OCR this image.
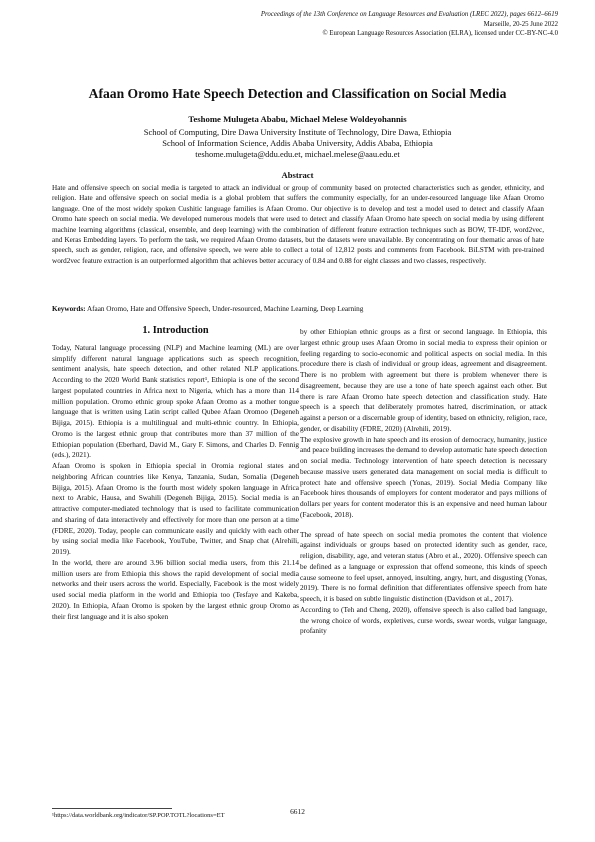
Proceedings of the 13th Conference on Language Resources and Evaluation (LREC 2022), pages 6612–6619
Marseille, 20-25 June 2022
© European Language Resources Association (ELRA), licensed under CC-BY-NC-4.0
Afaan Oromo Hate Speech Detection and Classification on Social Media
Teshome Mulugeta Ababu, Michael Melese Woldeyohannis
School of Computing, Dire Dawa University Institute of Technology, Dire Dawa, Ethiopia
School of Information Science, Addis Ababa University, Addis Ababa, Ethiopia
teshome.mulugeta@ddu.edu.et, michael.melese@aau.edu.et
Abstract
Hate and offensive speech on social media is targeted to attack an individual or group of community based on protected characteristics such as gender, ethnicity, and religion. Hate and offensive speech on social media is a global problem that suffers the community especially, for an under-resourced language like Afaan Oromo language. One of the most widely spoken Cushitic language families is Afaan Oromo. Our objective is to develop and test a model used to detect and classify Afaan Oromo hate speech on social media. We developed numerous models that were used to detect and classify Afaan Oromo hate speech on social media by using different machine learning algorithms (classical, ensemble, and deep learning) with the combination of different feature extraction techniques such as BOW, TF-IDF, word2vec, and Keras Embedding layers. To perform the task, we required Afaan Oromo datasets, but the datasets were unavailable. By concentrating on four thematic areas of hate speech, such as gender, religion, race, and offensive speech, we were able to collect a total of 12,812 posts and comments from Facebook. BiLSTM with pre-trained word2vec feature extraction is an outperformed algorithm that achieves better accuracy of 0.84 and 0.88 for eight classes and two classes, respectively.
Keywords: Afaan Oromo, Hate and Offensive Speech, Under-resourced, Machine Learning, Deep Learning
1. Introduction

Today, Natural language processing (NLP) and Machine learning (ML) are over simplify different natural language applications such as speech recognition, sentiment analysis, hate speech detection, and other related NLP applications. According to the 2020 World Bank statistics report¹, Ethiopia is one of the second largest populated countries in Africa next to Nigeria, which has a more than 114 million population. Oromo ethnic group spoke Afaan Oromo as a mother tongue language that is written using Latin script called Qubee Afaan Oromoo (Degeneh Bijiga, 2015). Ethiopia is a multilingual and multi-ethnic country. In Ethiopia, Oromo is the largest ethnic group that contributes more than 37 million of the Ethiopian population (Eberhard, David M., Gary F. Simons, and Charles D. Fennig (eds.), 2021).

Afaan Oromo is spoken in Ethiopia special in Oromia regional states and neighboring African countries like Kenya, Tanzania, Sudan, Somalia (Degeneh Bijiga, 2015). Afaan Oromo is the fourth most widely spoken language in Africa next to Arabic, Hausa, and Swahili (Degeneh Bijiga, 2015). Social media is an attractive computer-mediated technology that is used to facilitate communication and sharing of data interactively and effectively for more than one person at a time (FDRE, 2020). Today, people can communicate easily and quickly with each other by using social media like Facebook, YouTube, Twitter, and Snap chat (Alrehili, 2019).

In the world, there are around 3.96 billion social media users, from this 21.14 million users are from Ethiopia this shows the rapid development of social media networks and their users across the world. Especially, Facebook is the most widely used social media platform in the world and Ethiopia too (Tesfaye and Kakeba, 2020). In Ethiopia, Afaan Oromo is spoken by the largest ethnic group Oromo as their first language and it is also spoken

by other Ethiopian ethnic groups as a first or second language. In Ethiopia, this largest ethnic group uses Afaan Oromo in social media to express their opinion or feeling regarding to socio-economic and political aspects on social media. In this procedure there is clash of individual or group ideas, agreement and disagreement. There is no problem with agreement but there is problem whenever there is disagreement, because they are use a tone of hate speech against each other. But there is rare Afaan Oromo hate speech detection and classification study. Hate speech is a speech that deliberately promotes hatred, discrimination, or attack against a person or a discernable group of identity, based on ethnicity, religion, race, gender, or disability (FDRE, 2020) (Alrehili, 2019).

The explosive growth in hate speech and its erosion of democracy, humanity, justice and peace building increases the demand to develop automatic hate speech detection on social media. Technology intervention of hate speech detection is necessary because massive users generated data management on social media is difficult to protect hate and offensive speech (Yonas, 2019). Social Media Company like Facebook hires thousands of employers for content moderator and pays millions of dollars per years for content moderator this is an expensive and need human labour (Facebook, 2018).

The spread of hate speech on social media promotes the content that violence against individuals or groups based on protected identity such as gender, race, religion, disability, age, and veteran status (Abro et al., 2020). Offensive speech can be defined as a language or expression that offend someone, this kinds of speech cause someone to feel upset, annoyed, insulting, angry, hurt, and disgusting (Yonas, 2019). There is no formal definition that differentiates offensive speech from hate speech, it is based on subtle linguistic distinction (Davidson et al., 2017).

According to (Teh and Cheng, 2020), offensive speech is also called bad language, the wrong choice of words, expletives, curse words, swear words, vulgar language, profanity

¹https://data.worldbank.org/indicator/SP.POP.TOTL?locations=ET	6612
